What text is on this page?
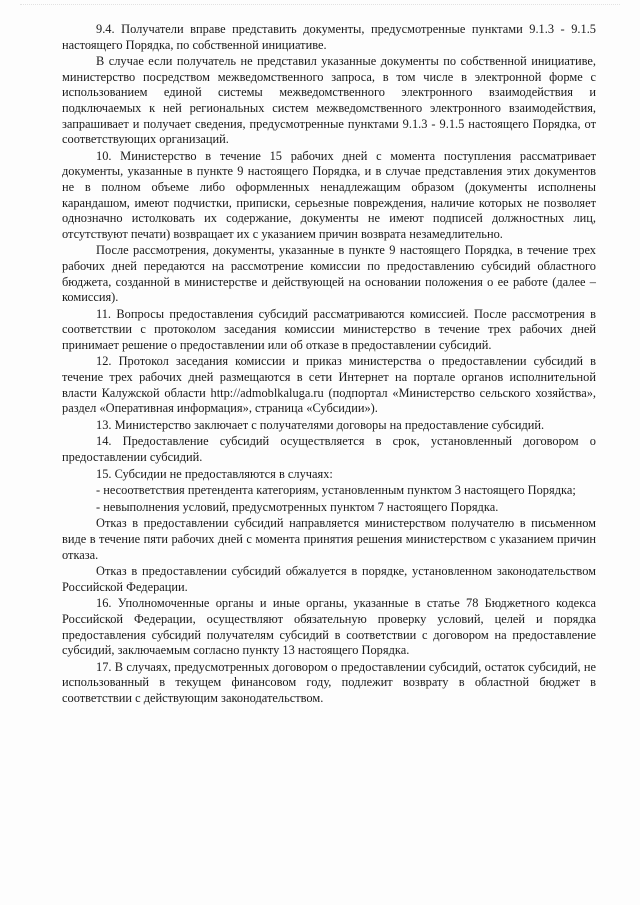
9.4. Получатели вправе представить документы, предусмотренные пунктами 9.1.3 - 9.1.5 настоящего Порядка, по собственной инициативе.

В случае если получатель не представил указанные документы по собственной инициативе, министерство посредством межведомственного запроса, в том числе в электронной форме с использованием единой системы межведомственного электронного взаимодействия и подключаемых к ней региональных систем межведомственного электронного взаимодействия, запрашивает и получает сведения, предусмотренные пунктами 9.1.3 - 9.1.5 настоящего Порядка, от соответствующих организаций.

10. Министерство в течение 15 рабочих дней с момента поступления рассматривает документы, указанные в пункте 9 настоящего Порядка, и в случае представления этих документов не в полном объеме либо оформленных ненадлежащим образом (документы исполнены карандашом, имеют подчистки, приписки, серьезные повреждения, наличие которых не позволяет однозначно истолковать их содержание, документы не имеют подписей должностных лиц, отсутствуют печати) возвращает их с указанием причин возврата незамедлительно.

После рассмотрения, документы, указанные в пункте 9 настоящего Порядка, в течение трех рабочих дней передаются на рассмотрение комиссии по предоставлению субсидий областного бюджета, созданной в министерстве и действующей на основании положения о ее работе (далее – комиссия).

11. Вопросы предоставления субсидий рассматриваются комиссией. После рассмотрения в соответствии с протоколом заседания комиссии министерство в течение трех рабочих дней принимает решение о предоставлении или об отказе в предоставлении субсидий.

12. Протокол заседания комиссии и приказ министерства о предоставлении субсидий в течение трех рабочих дней размещаются в сети Интернет на портале органов исполнительной власти Калужской области http://admoblkaluga.ru (подпортал «Министерство сельского хозяйства», раздел «Оперативная информация», страница «Субсидии»).

13. Министерство заключает с получателями договоры на предоставление субсидий.

14. Предоставление субсидий осуществляется в срок, установленный договором о предоставлении субсидий.

15. Субсидии не предоставляются в случаях:

- несоответствия претендента категориям, установленным пунктом 3 настоящего Порядка;

- невыполнения условий, предусмотренных пунктом 7 настоящего Порядка.

Отказ в предоставлении субсидий направляется министерством получателю в письменном виде в течение пяти рабочих дней с момента принятия решения министерством с указанием причин отказа.

Отказ в предоставлении субсидий обжалуется в порядке, установленном законодательством Российской Федерации.

16. Уполномоченные органы и иные органы, указанные в статье 78 Бюджетного кодекса Российской Федерации, осуществляют обязательную проверку условий, целей и порядка предоставления субсидий получателям субсидий в соответствии с договором на предоставление субсидий, заключаемым согласно пункту 13 настоящего Порядка.

17. В случаях, предусмотренных договором о предоставлении субсидий, остаток субсидий, не использованный в текущем финансовом году, подлежит возврату в областной бюджет в соответствии с действующим законодательством.
